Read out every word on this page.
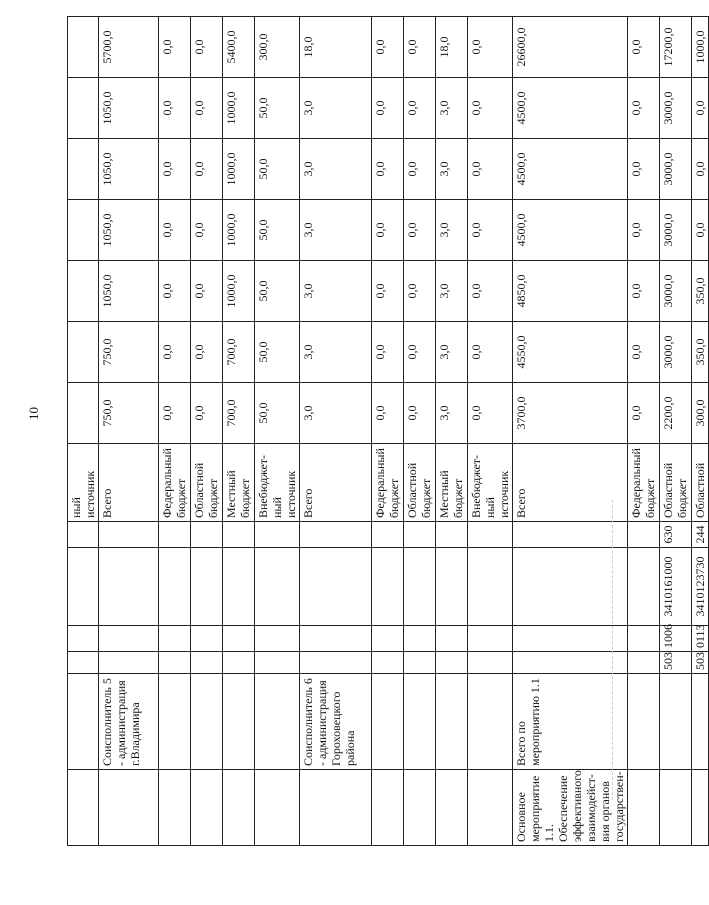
10
						ный источник							
	Соисполнитель 5 - администрация г.Владимира					Всего	750,0	750,0	1050,0	1050,0	1050,0	1050,0	5700,0
						Федеральный бюджет	0,0	0,0	0,0	0,0	0,0	0,0	0,0
						Областной бюджет	0,0	0,0	0,0	0,0	0,0	0,0	0,0
						Местный бюджет	700,0	700,0	1000,0	1000,0	1000,0	1000,0	5400,0
						Внебюджет-ный источник	50,0	50,0	50,0	50,0	50,0	50,0	300,0
	Соисполнитель 6 - администрация Гороховецкого района					Всего	3,0	3,0	3,0	3,0	3,0	3,0	18,0
						Федеральный бюджет	0,0	0,0	0,0	0,0	0,0	0,0	0,0
						Областной бюджет	0,0	0,0	0,0	0,0	0,0	0,0	0,0
						Местный бюджет	3,0	3,0	3,0	3,0	3,0	3,0	18,0
						Внебюджет-ный источник	0,0	0,0	0,0	0,0	0,0	0,0	0,0
Основное мероприятие 1.1. Обеспечение эффективного взаимодейст-вия органов государствен-	Всего по мероприятию 1.1					Всего	3700,0	4550,0	4850,0	4500,0	4500,0	4500,0	26600,0
						Федеральный бюджет	0,0	0,0	0,0	0,0	0,0	0,0	0,0
		503	1006	3410161000	630	Областной бюджет	2200,0	3000,0	3000,0	3000,0	3000,0	3000,0	17200,0
		503	0113	3410123730	244	Областной	300,0	350,0	350,0	0,0	0,0	0,0	1000,0
